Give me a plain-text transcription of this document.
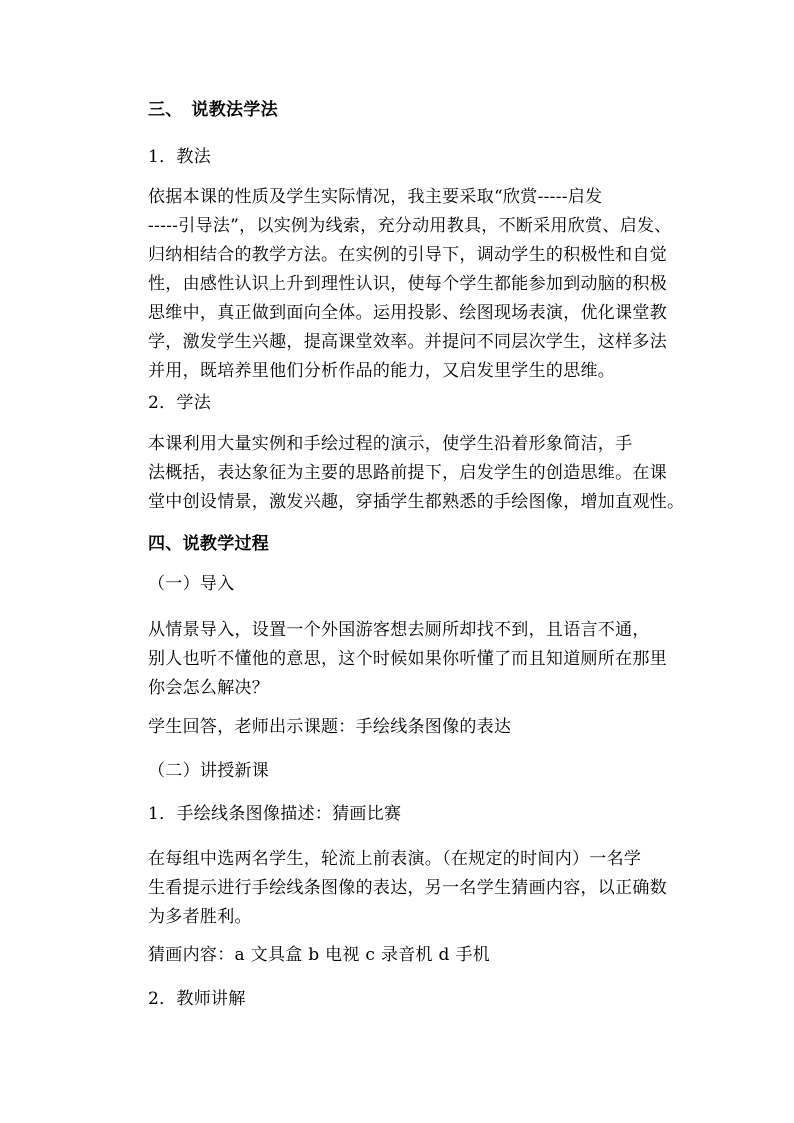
三、　说教法学法
1．教法
依据本课的性质及学生实际情况，我主要采取“欣赏-----启发
-----引导法”，以实例为线索，充分动用教具，不断采用欣赏、启发、
归纳相结合的教学方法。在实例的引导下，调动学生的积极性和自觉
性，由感性认识上升到理性认识，使每个学生都能参加到动脑的积极
思维中，真正做到面向全体。运用投影、绘图现场表演，优化课堂教
学，激发学生兴趣，提高课堂效率。并提问不同层次学生，这样多法
并用，既培养里他们分析作品的能力，又启发里学生的思维。
2．学法
本课利用大量实例和手绘过程的演示，使学生沿着形象简洁，手
法概括，表达象征为主要的思路前提下，启发学生的创造思维。在课
堂中创设情景，激发兴趣，穿插学生都熟悉的手绘图像，增加直观性。
四、说教学过程
（一）导入
从情景导入，设置一个外国游客想去厕所却找不到，且语言不通，
别人也听不懂他的意思，这个时候如果你听懂了而且知道厕所在那里
你会怎么解决？
学生回答，老师出示课题：手绘线条图像的表达
（二）讲授新课
1．手绘线条图像描述：猜画比赛
在每组中选两名学生，轮流上前表演。（在规定的时间内）一名学
生看提示进行手绘线条图像的表达，另一名学生猜画内容，以正确数
为多者胜利。
猜画内容：a 文具盒 b 电视 c 录音机 d 手机
2．教师讲解
